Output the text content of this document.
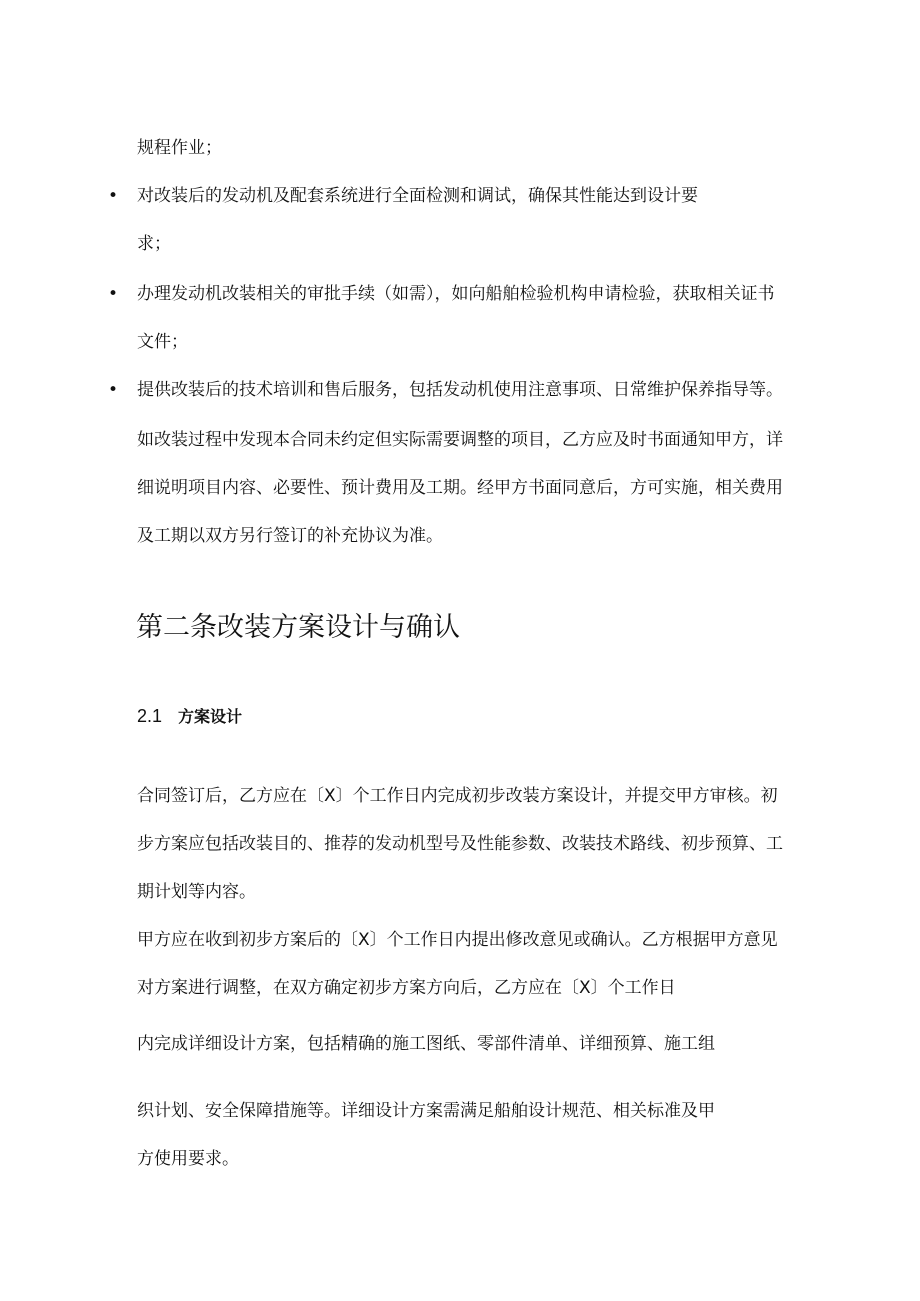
规程作业；
• 对改装后的发动机及配套系统进行全面检测和调试，确保其性能达到设计要
求；
• 办理发动机改装相关的审批手续（如需），如向船舶检验机构申请检验，获取相关证书
文件；
• 提供改装后的技术培训和售后服务，包括发动机使用注意事项、日常维护保养指导等。
如改装过程中发现本合同未约定但实际需要调整的项目，乙方应及时书面通知甲方，详
细说明项目内容、必要性、预计费用及工期。经甲方书面同意后，方可实施，相关费用
及工期以双方另行签订的补充协议为准。
第二条改装方案设计与确认
2.1 方案设计
合同签订后，乙方应在〔X〕个工作日内完成初步改装方案设计，并提交甲方审核。初
步方案应包括改装目的、推荐的发动机型号及性能参数、改装技术路线、初步预算、工
期计划等内容。
甲方应在收到初步方案后的〔X〕个工作日内提出修改意见或确认。乙方根据甲方意见
对方案进行调整，在双方确定初步方案方向后，乙方应在〔X〕个工作日
内完成详细设计方案，包括精确的施工图纸、零部件清单、详细预算、施工组
织计划、安全保障措施等。详细设计方案需满足船舶设计规范、相关标准及甲
方使用要求。
